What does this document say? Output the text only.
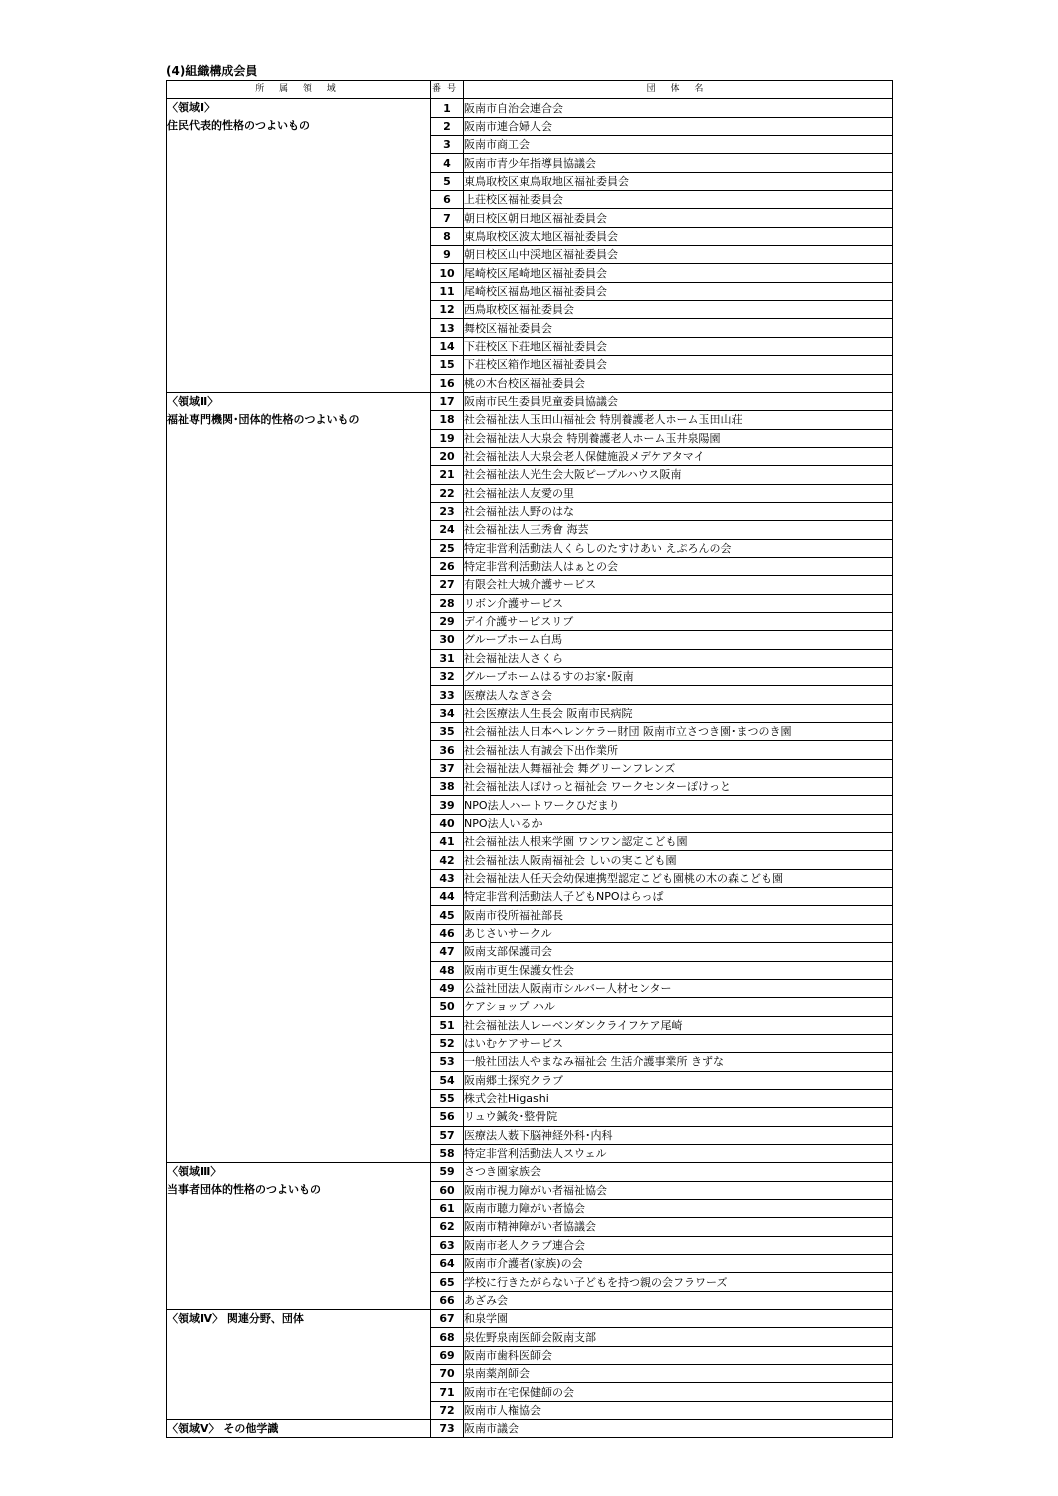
(4)組織構成会員
所 属 領 域	番号	団 体 名
〈領域Ⅰ〉	1	阪南市自治会連合会
住民代表的性格のつよいもの	2	阪南市連合婦人会
	3	阪南市商工会
	4	阪南市青少年指導員協議会
	5	東鳥取校区東鳥取地区福祉委員会
	6	上荘校区福祉委員会
	7	朝日校区朝日地区福祉委員会
	8	東鳥取校区波太地区福祉委員会
	9	朝日校区山中渓地区福祉委員会
	10	尾崎校区尾崎地区福祉委員会
	11	尾崎校区福島地区福祉委員会
	12	西鳥取校区福祉委員会
	13	舞校区福祉委員会
	14	下荘校区下荘地区福祉委員会
	15	下荘校区箱作地区福祉委員会
	16	桃の木台校区福祉委員会
〈領域Ⅱ〉	17	阪南市民生委員児童委員協議会
福祉専門機関･団体的性格のつよいもの	18	社会福祉法人玉田山福祉会 特別養護老人ホーム玉田山荘
	19	社会福祉法人大泉会 特別養護老人ホーム玉井泉陽園
	20	社会福祉法人大泉会老人保健施設メデケアタマイ
	21	社会福祉法人光生会大阪ピープルハウス阪南
	22	社会福祉法人友愛の里
	23	社会福祉法人野のはな
	24	社会福祉法人三秀會 海芸
	25	特定非営利活動法人くらしのたすけあい えぷろんの会
	26	特定非営利活動法人はぁとの会
	27	有限会社大城介護サービス
	28	リボン介護サービス
	29	デイ介護サービスリブ
	30	グループホーム白馬
	31	社会福祉法人さくら
	32	グループホームはるすのお家･阪南
	33	医療法人なぎさ会
	34	社会医療法人生長会 阪南市民病院
	35	社会福祉法人日本ヘレンケラー財団 阪南市立さつき園･まつのき園
	36	社会福祉法人有誠会下出作業所
	37	社会福祉法人舞福祉会 舞グリーンフレンズ
	38	社会福祉法人ぽけっと福祉会 ワークセンターぽけっと
	39	NPO法人ハートワークひだまり
	40	NPO法人いるか
	41	社会福祉法人根来学園 ワンワン認定こども園
	42	社会福祉法人阪南福祉会 しいの実こども園
	43	社会福祉法人任天会幼保連携型認定こども園桃の木の森こども園
	44	特定非営利活動法人子どもNPOはらっぱ
	45	阪南市役所福祉部長
	46	あじさいサークル
	47	阪南支部保護司会
	48	阪南市更生保護女性会
	49	公益社団法人阪南市シルバー人材センター
	50	ケアショップ ハル
	51	社会福祉法人レーベンダンクライフケア尾崎
	52	はいむケアサービス
	53	一般社団法人やまなみ福祉会 生活介護事業所 きずな
	54	阪南郷土探究クラブ
	55	株式会社Higashi
	56	リュウ鍼灸･整骨院
	57	医療法人薮下脳神経外科･内科
	58	特定非営利活動法人スウェル
〈領域Ⅲ〉	59	さつき園家族会
当事者団体的性格のつよいもの	60	阪南市視力障がい者福祉協会
	61	阪南市聴力障がい者協会
	62	阪南市精神障がい者協議会
	63	阪南市老人クラブ連合会
	64	阪南市介護者(家族)の会
	65	学校に行きたがらない子どもを持つ親の会フラワーズ
	66	あざみ会
〈領域Ⅳ〉 関連分野、団体	67	和泉学園
	68	泉佐野泉南医師会阪南支部
	69	阪南市歯科医師会
	70	泉南薬剤師会
	71	阪南市在宅保健師の会
	72	阪南市人権協会
〈領域Ⅴ〉 その他学識	73	阪南市議会
